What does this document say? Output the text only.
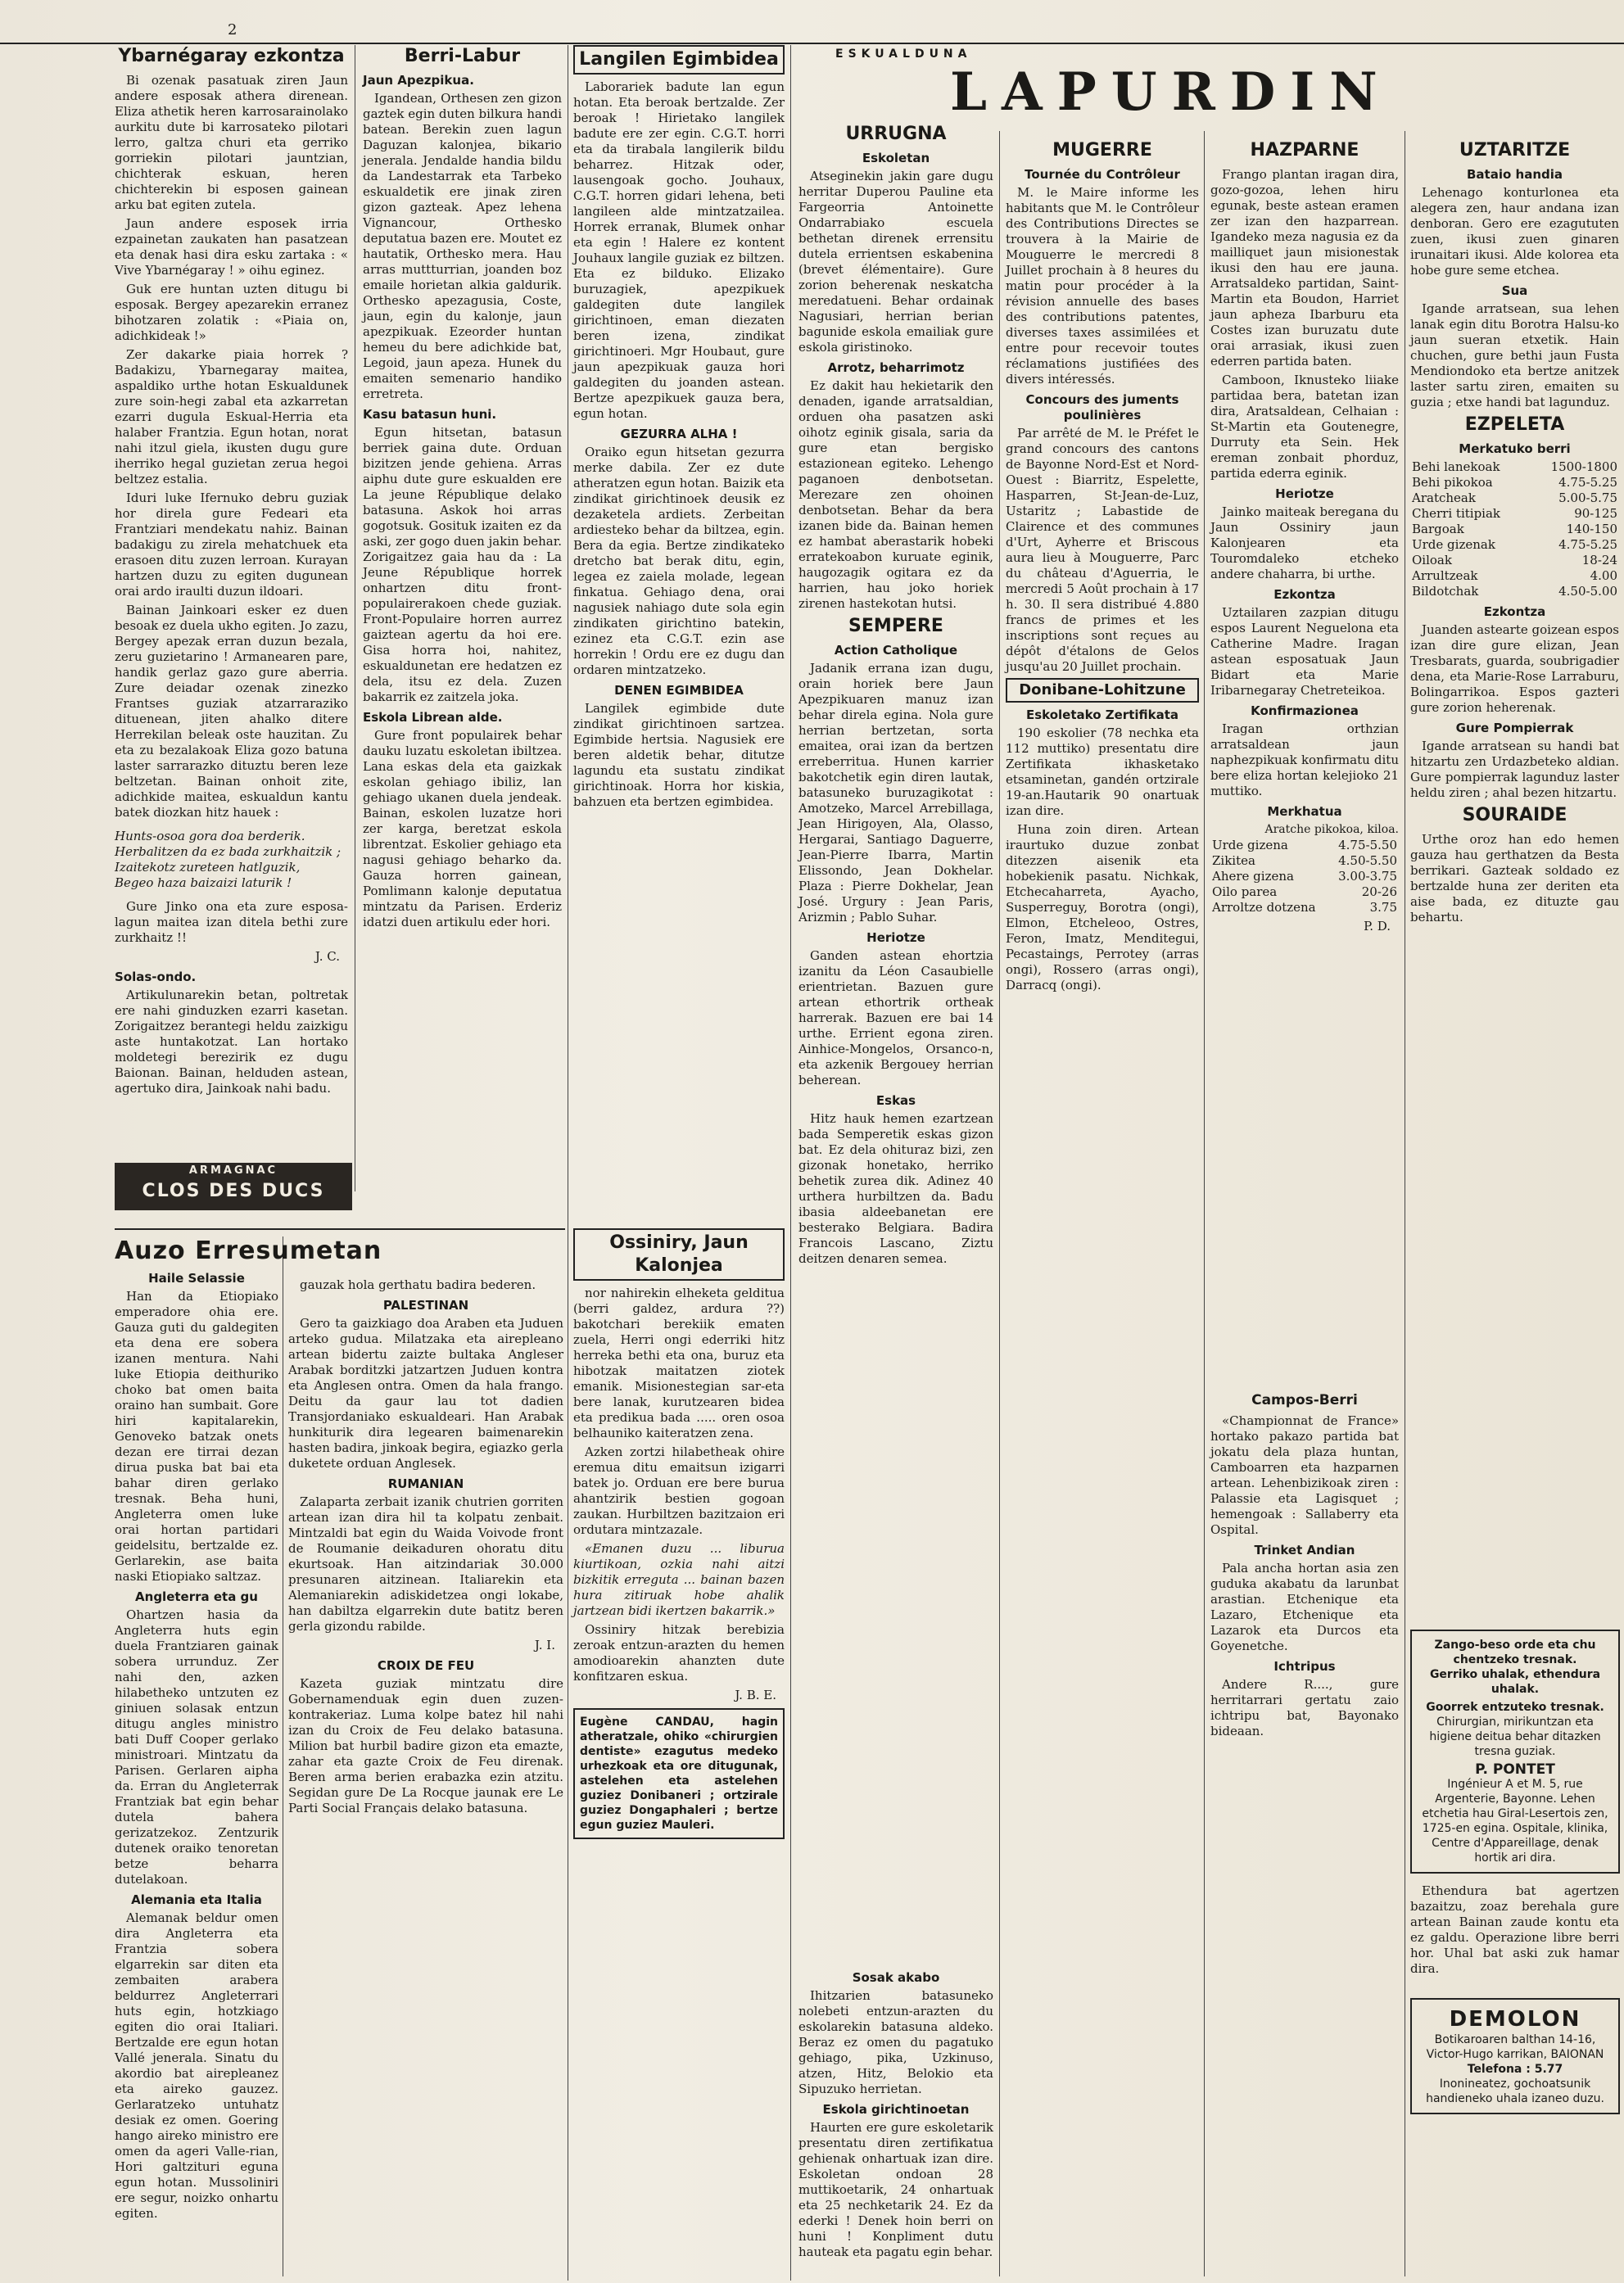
2
ESKUALDUNA
LAPURDIN
Ybarnégaray ezkontza

Bi ozenak pasatuak ziren Jaun andere esposak athera direnean. Eliza athetik heren karrosarainolako aurkitu dute bi karrosateko pilotari lerro, galtza churi eta gerriko gorriekin pilotari jauntzian, chichterak eskuan, heren chichterekin bi esposen gainean arku bat egiten zutela.

Jaun andere esposek irria ezpainetan zaukaten han pasatzean eta denak hasi dira esku zartaka : « Vive Ybarnégaray ! » oihu eginez.

Guk ere huntan uzten ditugu bi esposak. Bergey apezarekin erranez bihotzaren zolatik : «Piaia on, adichkideak !»

Zer dakarke piaia horrek ? Badakizu, Ybarnegaray maitea, aspaldiko urthe hotan Eskualdunek zure soin-hegi zabal eta azkarretan ezarri dugula Eskual-Herria eta halaber Frantzia. Egun hotan, norat nahi itzul giela, ikusten dugu gure iherriko hegal guzietan zerua hegoi beltzez estalia.

Iduri luke Ifernuko debru guziak hor direla gure Fedeari eta Frantziari mendekatu nahiz. Bainan badakigu zu zirela mehatchuek eta erasoen ditu zuzen lerroan. Kurayan hartzen duzu zu egiten dugunean orai ardo iraulti duzun ildoari.

Bainan Jainkoari esker ez duen besoak ez duela ukho egiten. Jo zazu, Bergey apezak erran duzun bezala, zeru guzietarino ! Armanearen pare, handik gerlaz gazo gure aberria. Zure deiadar ozenak zinezko Frantses guziak atzarraraziko dituenean, jiten ahalko ditere Herrekilan beleak oste hauzitan. Zu eta zu bezalakoak Eliza gozo batuna laster sarrarazko dituztu beren leze beltzetan. Bainan onhoit zite, adichkide maitea, eskualdun kantu batek diozkan hitz hauek :

Hunts-osoa gora doa berderik.
Herbalitzen da ez bada zurkhaitzik ;
Izaitekotz zureteen hatlguzik,
Begeo haza baizaizi laturik !

Gure Jinko ona eta zure esposa-lagun maitea izan ditela bethi zure zurkhaitz !!

J. C.
Solas-ondo.

Artikulunarekin betan, poltretak ere nahi ginduzken ezarri kasetan. Zorigaitzez berantegi heldu zaizkigu aste huntakotzat. Lan hortako moldetegi berezirik ez dugu Baionan. Bainan, helduden astean, agertuko dira, Jainkoak nahi badu.

Berri-Labur
Jaun Apezpikua.

Igandean, Orthesen zen gizon gaztek egin duten bilkura handi batean. Berekin zuen lagun Daguzan kalonjea, bikario jenerala. Jendalde handia bildu da Landestarrak eta Tarbeko eskualdetik ere jinak ziren gizon gazteak. Apez lehena Vignancour, Orthesko deputatua bazen ere. Moutet ez hautatik, Orthesko mera. Hau arras muttturrian, joanden boz emaile horietan alkia galdurik. Orthesko apezagusia, Coste, jaun, egin du kalonje, jaun apezpikuak. Ezeorder huntan hemeu du bere adichkide bat, Legoid, jaun apeza. Hunek du emaiten semenario handiko erretreta.

Kasu batasun huni.

Egun hitsetan, batasun berriek gaina dute. Orduan bizitzen jende gehiena. Arras aiphu dute gure eskualden ere La jeune République delako batasuna. Askok hoi arras gogotsuk. Gosituk izaiten ez da aski, zer gogo duen jakin behar. Zorigaitzez gaia hau da : La Jeune République horrek onhartzen ditu front-populairerakoen chede guziak. Front-Populaire horren aurrez gaiztean agertu da hoi ere. Gisa horra hoi, nahitez, eskualdunetan ere hedatzen ez dela, itsu ez dela. Zuzen bakarrik ez zaitzela joka.

Eskola Librean alde.

Gure front populairek behar dauku luzatu eskoletan ibiltzea. Lana eskas dela eta gaizkak eskolan gehiago ibiliz, lan gehiago ukanen duela jendeak. Bainan, eskolen luzatze hori zer karga, beretzat eskola librentzat. Eskolier gehiago eta nagusi gehiago beharko da. Gauza horren gainean, Pomlimann kalonje deputatua mintzatu da Parisen. Erderiz idatzi duen artikulu eder hori.

ARMAGNAC
CLOS DES DUCS
Langilen Egimbidea

Laborariek badute lan egun hotan. Eta beroak bertzalde. Zer beroak ! Hirietako langilek badute ere zer egin. C.G.T. horri eta da tirabala langilerik bildu beharrez. Hitzak oder, lausengoak gocho. Jouhaux, C.G.T. horren gidari lehena, beti langileen alde mintzatzailea. Horrek erranak, Blumek onhar eta egin ! Halere ez kontent Jouhaux langile guziak ez biltzen. Eta ez bilduko. Elizako buruzagiek, apezpikuek galdegiten dute langilek girichtinoen, eman diezaten beren izena, zindikat girichtinoeri. Mgr Houbaut, gure jaun apezpikuak gauza hori galdegiten du joanden astean. Bertze apezpikuek gauza bera, egun hotan.

GEZURRA ALHA !

Oraiko egun hitsetan gezurra merke dabila. Zer ez dute atheratzen egun hotan. Baizik eta zindikat girichtinoek deusik ez dezaketela ardiets. Zerbeitan ardiesteko behar da biltzea, egin. Bera da egia. Bertze zindikateko dretcho bat berak ditu, egin, legea ez zaiela molade, legean finkatua. Gehiago dena, orai nagusiek nahiago dute sola egin zindikaten girichtino batekin, ezinez eta C.G.T. ezin ase horrekin ! Ordu ere ez dugu dan ordaren mintzatzeko.

DENEN EGIMBIDEA

Langilek egimbide dute zindikat girichtinoen sartzea. Egimbide hertsia. Nagusiek ere beren aldetik behar, ditutze lagundu eta sustatu zindikat girichtinoak. Horra hor kiskia, bahzuen eta bertzen egimbidea.

URRUGNA
Eskoletan

Atseginekin jakin gare dugu herritar Duperou Pauline eta Fargeorria Antoinette Ondarrabiako escuela bethetan direnek errensitu dutela errientsen eskabenina (brevet élémentaire). Gure zorion beherenak neskatcha meredatueni. Behar ordainak Nagusiari, herrian berian bagunide eskola emailiak gure eskola giristinoko.

Arrotz, beharrimotz

Ez dakit hau hekietarik den denaden, igande arratsaldian, orduen oha pasatzen aski oihotz eginik gisala, saria da gure etan bergisko estazionean egiteko. Lehengo paganoen denbotsetan. Merezare zen ohoinen denbotsetan. Behar da bera izanen bide da. Bainan hemen ez hambat aberastarik hobeki erratekoabon kuruate eginik, haugozagik ogitara ez da harrien, hau joko horiek zirenen hastekotan hutsi.

SEMPERE
Action Catholique

Jadanik errana izan dugu, orain horiek bere Jaun Apezpikuaren manuz izan behar direla egina. Nola gure herrian bertzetan, sorta emaitea, orai izan da bertzen erreberritua. Hunen karrier bakotchetik egin diren lautak, batasuneko buruzagikotat : Amotzeko, Marcel Arrebillaga, Jean Hirigoyen, Ala, Olasso, Hergarai, Santiago Daguerre, Jean-Pierre Ibarra, Martin Elissondo, Jean Dokhelar. Plaza : Pierre Dokhelar, Jean José. Urgury : Jean Paris, Arizmin ; Pablo Suhar.

Heriotze

Ganden astean ehortzia izanitu da Léon Casaubielle erientrietan. Bazuen gure artean ethortrik ortheak harrerak. Bazuen ere bai 14 urthe. Errient egona ziren. Ainhice-Mongelos, Orsanco-n, eta azkenik Bergouey herrian beherean.

Eskas

Hitz hauk hemen ezartzean bada Semperetik eskas gizon bat. Ez dela ohituraz bizi, zen gizonak honetako, herriko behetik zurea dik. Adinez 40 urthera hurbiltzen da. Badu ibasia aldeebanetan ere besterako Belgiara. Badira Francois Lascano, Ziztu deitzen denaren semea.

MUGERRE
Tournée du Contrôleur

M. le Maire informe les habitants que M. le Contrôleur des Contributions Directes se trouvera à la Mairie de Mouguerre le mercredi 8 Juillet prochain à 8 heures du matin pour procéder à la révision annuelle des bases des contributions patentes, diverses taxes assimilées et entre pour recevoir toutes réclamations justifiées des divers intéressés.

Concours des juments poulinières

Par arrêté de M. le Préfet le grand concours des cantons de Bayonne Nord-Est et Nord-Ouest : Biarritz, Espelette, Hasparren, St-Jean-de-Luz, Ustaritz ; Labastide de Clairence et des communes d'Urt, Ayherre et Briscous aura lieu à Mouguerre, Parc du château d'Aguerria, le mercredi 5 Août prochain à 17 h. 30. Il sera distribué 4.880 francs de primes et les inscriptions sont reçues au dépôt d'étalons de Gelos jusqu'au 20 Juillet prochain.

Donibane-Lohitzune
Eskoletako Zertifikata

190 eskolier (78 nechka eta 112 muttiko) presentatu dire Zertifikata ikhasketako etsaminetan, gandén ortzirale 19-an.Hautarik 90 onartuak izan dire.

Huna zoin diren. Artean iraurtuko duzue zonbat ditezzen aisenik eta hobekienik pasatu. Nichkak, Etchecaharreta, Ayacho, Susperreguy, Borotra (ongi), Elmon, Etcheleoo, Ostres, Feron, Imatz, Menditegui, Pecastaings, Perrotey (arras ongi), Rossero (arras ongi), Darracq (ongi).

HAZPARNE

Frango plantan iragan dira, gozo-gozoa, lehen hiru egunak, beste astean eramen zer izan den hazparrean. Igandeko meza nagusia ez da mailliquet jaun misionestak ikusi den hau ere jauna. Arratsaldeko partidan, Saint-Martin eta Boudon, Harriet jaun apheza Ibarburu eta Costes izan buruzatu dute orai arrasiak, ikusi zuen ederren partida baten.

Camboon, Iknusteko liiake partidaa bera, batetan izan dira, Aratsaldean, Celhaian : St-Martin eta Goutenegre, Durruty eta Sein. Hek ereman zonbait phorduz, partida ederra eginik.

Heriotze

Jainko maiteak beregana du Jaun Ossiniry jaun Kalonjearen eta Touromdaleko etcheko andere chaharra, bi urthe.

Ezkontza

Uztailaren zazpian ditugu espos Laurent Neguelona eta Catherine Madre. Iragan astean esposatuak Jaun Bidart eta Marie Iribarnegaray Chetreteikoa.

Konfirmazionea

Iragan orthzian arratsaldean jaun naphezpikuak konfirmatu ditu bere eliza hortan kelejioko 21 muttiko.

Merkhatua
Aratche pikokoa, kiloa.
Urde gizena	4.75-5.50
Zikitea	4.50-5.50
Ahere gizena	3.00-3.75
Oilo parea	20-26
Arroltze dotzena	3.75
P. D.
Campos-Berri

«Championnat de France» hortako pakazo partida bat jokatu dela plaza huntan, Camboarren eta hazparnen artean. Lehenbizikoak ziren : Palassie eta Lagisquet ; hemengoak : Sallaberry eta Ospital.

Trinket Andian

Pala ancha hortan asia zen guduka akabatu da larunbat arastian. Etchenique eta Lazaro, Etchenique eta Lazarok eta Durcos eta Goyenetche.

Ichtripus

Andere R...., gure herritarrari gertatu zaio ichtripu bat, Bayonako bideaan.

UZTARITZE
Bataio handia

Lehenago konturlonea eta alegera zen, haur andana izan denboran. Gero ere ezagututen zuen, ikusi zuen ginaren irunaitari ikusi. Alde kolorea eta hobe gure seme etchea.

Sua

Igande arratsean, sua lehen lanak egin ditu Borotra Halsu-ko jaun sueran etxetik. Hain chuchen, gure bethi jaun Fusta Mendiondoko eta bertze anitzek laster sartu ziren, emaiten su guzia ; etxe handi bat lagunduz.

EZPELETA
Merkatuko berri
Behi lanekoak	1500-1800
Behi pikokoa	4.75-5.25
Aratcheak	5.00-5.75
Cherri titipiak	90-125
Bargoak	140-150
Urde gizenak	4.75-5.25
Oiloak	18-24
Arrultzeak	4.00
Bildotchak	4.50-5.00
Ezkontza

Juanden astearte goizean espos izan dire gure elizan, Jean Tresbarats, guarda, soubrigadier dena, eta Marie-Rose Larraburu, Bolingarrikoa. Espos gazteri gure zorion heherenak.

Gure Pompierrak

Igande arratsean su handi bat hitzartu zen Urdazbeteko aldian. Gure pompierrak lagunduz laster heldu ziren ; ahal bezen hitzartu.

SOURAIDE

Urthe oroz han edo hemen gauza hau gerthatzen da Besta berrikari. Gazteak soldado ez bertzalde huna zer deriten eta aise bada, ez dituzte gau behartu.

Zango-beso orde eta chu chentzeko tresnak.
Gerriko uhalak, ethendura uhalak.
Goorrek entzuteko tresnak.
Chirurgian, mirikuntzan eta higiene deitua behar ditazken tresna guziak.
P. PONTET
Ingénieur A et M. 5, rue Argenterie, Bayonne. Lehen etchetia hau Giral-Lesertois zen, 1725-en egina. Ospitale, klinika, Centre d'Appareillage, denak hortik ari dira.

Ethendura bat agertzen bazaitzu, zoaz berehala gure artean Bainan zaude kontu eta ez galdu. Operazione libre berri hor. Uhal bat aski zuk hamar dira.

DEMOLON
Botikaroaren balthan 14-16, Victor-Hugo karrikan, BAIONAN
Telefona : 5.77
Inonineatez, gochoatsunik handieneko uhala izaneo duzu.
Auzo Erresumetan
Haile Selassie

Han da Etiopiako emperadore ohia ere. Gauza guti du galdegiten eta dena ere sobera izanen mentura. Nahi luke Etiopia deithuriko choko bat omen baita oraino han sumbait. Gore hiri kapitalarekin, Genoveko batzak onets dezan ere tirrai dezan dirua puska bat bai eta bahar diren gerlako tresnak. Beha huni, Angleterra omen luke orai hortan partidari geidelsitu, bertzalde ez. Gerlarekin, ase baita naski Etiopiako saltzaz.

Angleterra eta gu

Ohartzen hasia da Angleterra huts egin duela Frantziaren gainak sobera urrunduz. Zer nahi den, azken hilabetheko untzuten ez giniuen solasak entzun ditugu angles ministro bati Duff Cooper gerlako ministroari. Mintzatu da Parisen. Gerlaren aipha da. Erran du Angleterrak Frantziak bat egin behar dutela bahera gerizatzekoz. Zentzurik dutenek oraiko tenoretan betze beharra dutelakoan.

Alemania eta Italia

Alemanak beldur omen dira Angleterra eta Frantzia sobera elgarrekin sar diten eta zembaiten arabera beldurrez Angleterrari huts egin, hotzkiago egiten dio orai Italiari. Bertzalde ere egun hotan Vallé jenerala. Sinatu du akordio bat airepleanez eta aireko gauzez. Gerlaratzeko untuhatz desiak ez omen. Goering hango aireko ministro ere omen da ageri Valle-rian, Hori galtzituri eguna egun hotan. Mussoliniri ere segur, noizko onhartu egiten.

gauzak hola gerthatu badira bederen.

PALESTINAN

Gero ta gaizkiago doa Araben eta Juduen arteko gudua. Milatzaka eta airepleano artean bidertu zaizte bultaka Angleser Arabak borditzki jatzartzen Juduen kontra eta Anglesen ontra. Omen da hala frango. Deitu da gaur lau tot dadien Transjordaniako eskualdeari. Han Arabak hunkiturik dira legearen baimenarekin hasten badira, jinkoak begira, egiazko gerla duketete orduan Anglesek.

RUMANIAN

Zalaparta zerbait izanik chutrien gorriten artean izan dira hil ta kolpatu zenbait. Mintzaldi bat egin du Waida Voivode front de Roumanie deikaduren ohoratu ditu ekurtsoak. Han aitzindariak 30.000 presunaren aitzinean. Italiarekin eta Alemaniarekin adiskidetzea ongi lokabe, han dabiltza elgarrekin dute batitz beren gerla gizondu rabilde.

J. I.
CROIX DE FEU

Kazeta guziak mintzatu dire Gobernamenduak egin duen zuzen-kontrakeriaz. Luma kolpe batez hil nahi izan du Croix de Feu delako batasuna. Milion bat hurbil badire gizon eta emazte, zahar eta gazte Croix de Feu direnak. Beren arma berien erabazka ezin atzitu. Segidan gure De La Rocque jaunak ere Le Parti Social Français delako batasuna.

Ossiniry, Jaun Kalonjea

nor nahirekin elheketa gelditua (berri galdez, ardura ??) bakotchari berekiik ematen zuela, Herri ongi ederriki hitz herreka bethi eta ona, buruz eta hibotzak maitatzen ziotek emanik. Misionestegian sar-eta bere lanak, kurutzearen bidea eta predikua bada ..... oren osoa belhauniko kaiteratzen zena.

Azken zortzi hilabetheak ohire eremua ditu emaitsun izigarri batek jo. Orduan ere bere burua ahantzirik bestien gogoan zaukan. Hurbiltzen bazitzaion eri ordutara mintzazale.

«Emanen duzu ... liburua kiurtikoan, ozkia nahi aitzi bizkitik erreguta ... bainan bazen hura zitiruak hobe ahalik jartzean bidi ikertzen bakarrik.»

Ossiniry hitzak berebizia zeroak entzun-arazten du hemen amodioarekin ahanzten dute konfitzaren eskua.

J. B. E.
Eugène CANDAU, hagin atheratzale, ohiko «chirurgien dentiste» ezagutus medeko urhezkoak eta ore ditugunak, astelehen eta astelehen guziez Donibaneri ; ortzirale guziez Dongaphaleri ; bertze egun guziez Mauleri.
Sosak akabo

Ihitzarien batasuneko nolebeti entzun-arazten du eskolarekin batasuna aldeko. Beraz ez omen du pagatuko gehiago, pika, Uzkinuso, atzen, Hitz, Belokio eta Sipuzuko herrietan.

Eskola girichtinoetan

Haurten ere gure eskoletarik presentatu diren zertifikatua gehienak onhartuak izan dire. Eskoletan ondoan 28 muttikoetarik, 24 onhartuak eta 25 nechketarik 24. Ez da ederki ! Denek hoin berri on huni ! Konpliment dutu hauteak eta pagatu egin behar.
